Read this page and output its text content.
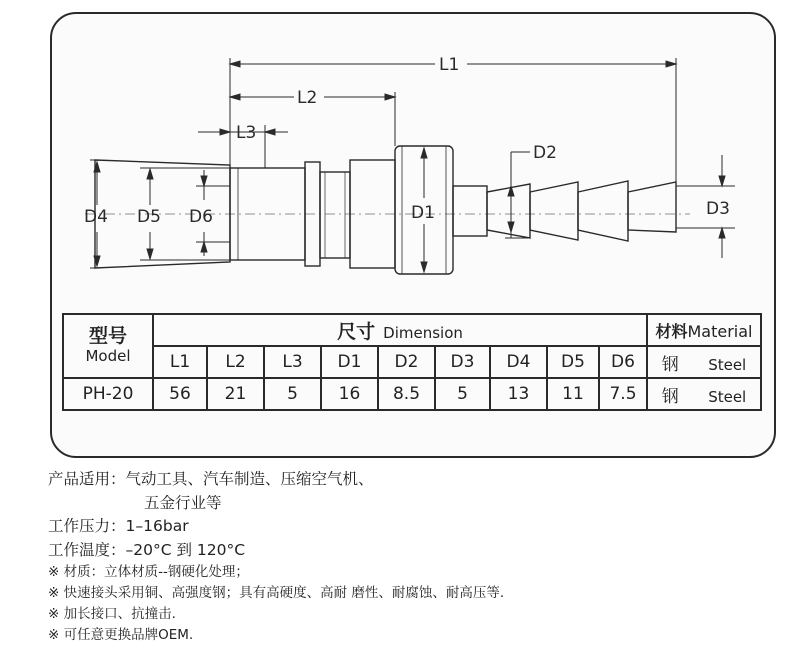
L1
L2
L3
D4 D5 D6	D1
D2
D3
型号
Model	尺寸 Dimension									材料Material
	L1	L2	L3	D1	D2	D3	D4	D5	D6	钢 Steel
PH-20	56	21	5	16	8.5	5	13	11	7.5	钢 Steel
产品适用：气动工具、汽车制造、压缩空气机、
五金行业等
工作压力：1–16bar
工作温度：–20°C 到 120°C
※ 材质：立体材质--钢硬化处理；
※ 快速接头采用铜、高强度钢；具有高硬度、高耐 磨性、耐腐蚀、耐高压等.
※ 加长接口、抗撞击.
※ 可任意更换品牌OEM.
